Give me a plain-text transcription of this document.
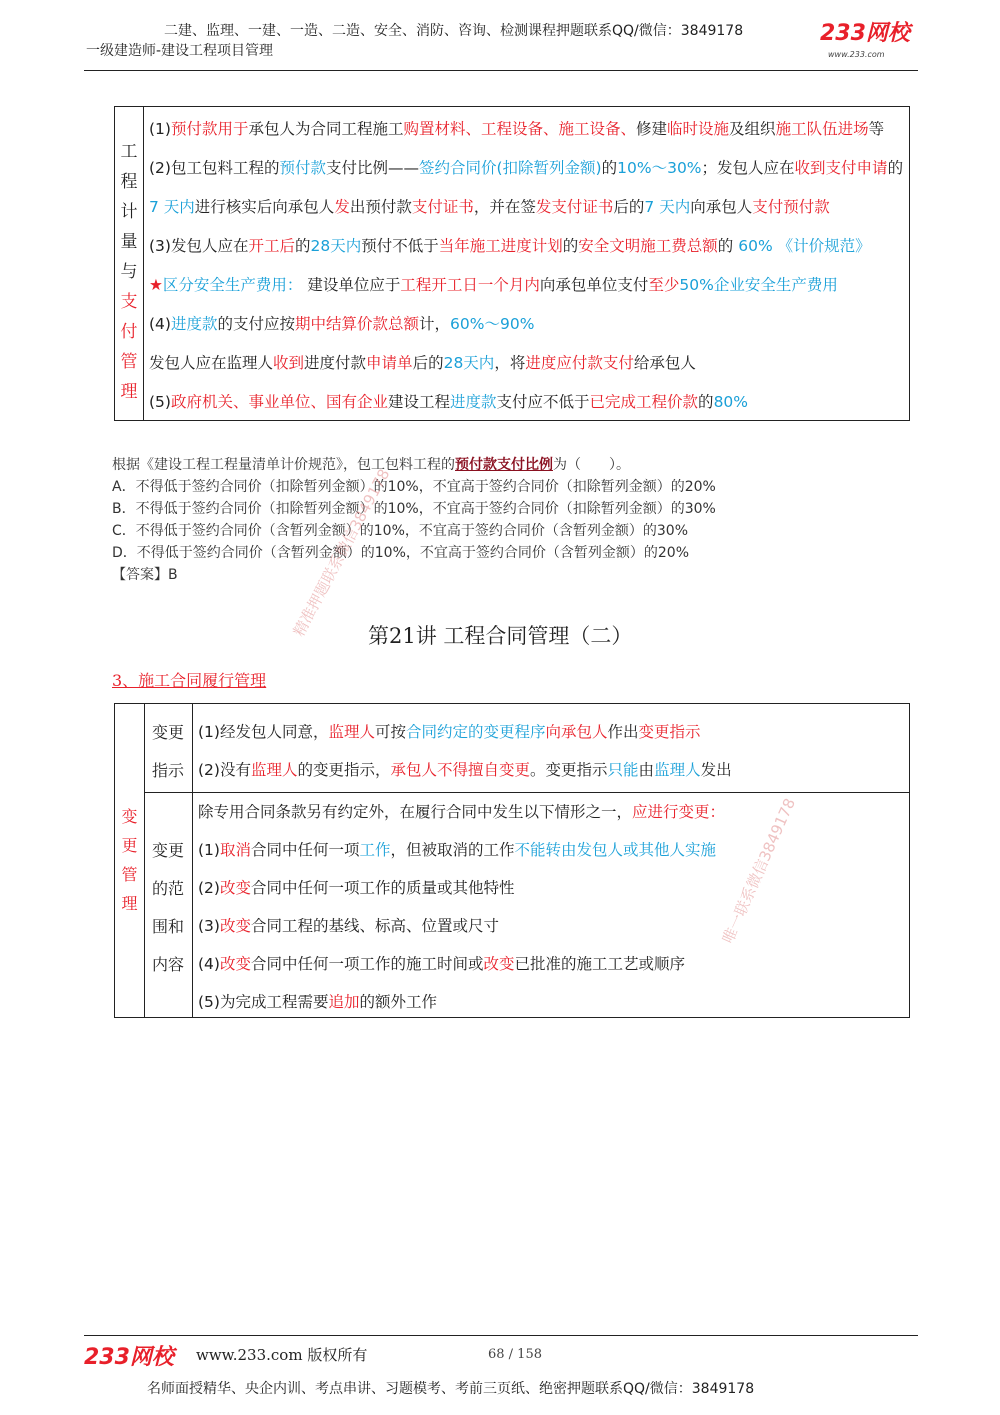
二建、监理、一建、一造、二造、安全、消防、咨询、检测课程押题联系QQ/微信：3849178
一级建造师-建设工程项目管理
233网校
www.233.com
工
程
计
量
与
支
付
管
理
(1)预付款用于承包人为合同工程施工购置材料、工程设备、施工设备、修建临时设施及组织施工队伍进场等
(2)包工包料工程的预付款支付比例——签约合同价(扣除暂列金额)的10%～30%；发包人应在收到支付申请的
7 天内进行核实后向承包人发出预付款支付证书，并在签发支付证书后的7 天内向承包人支付预付款
(3)发包人应在开工后的28天内预付不低于当年施工进度计划的安全文明施工费总额的 60% 《计价规范》
★区分安全生产费用： 建设单位应于工程开工日一个月内向承包单位支付至少50%企业安全生产费用
(4)进度款的支付应按期中结算价款总额计，60%～90%
发包人应在监理人收到进度付款申请单后的28天内，将进度应付款支付给承包人
(5)政府机关、事业单位、国有企业建设工程进度款支付应不低于已完成工程价款的80%
根据《建设工程工程量清单计价规范》，包工包料工程的预付款支付比例为（　　）。
A．不得低于签约合同价（扣除暂列金额）的10%，不宜高于签约合同价（扣除暂列金额）的20%
B．不得低于签约合同价（扣除暂列金额）的10%，不宜高于签约合同价（扣除暂列金额）的30%
C．不得低于签约合同价（含暂列金额）的10%，不宜高于签约合同价（含暂列金额）的30%
D．不得低于签约合同价（含暂列金额）的10%，不宜高于签约合同价（含暂列金额）的20%
【答案】B
第21讲 工程合同管理（二）
3、施工合同履行管理
变
更
管
理
变更
指示
变更
的范
围和
内容
(1)经发包人同意，监理人可按合同约定的变更程序向承包人作出变更指示
(2)没有监理人的变更指示，承包人不得擅自变更。变更指示只能由监理人发出
除专用合同条款另有约定外，在履行合同中发生以下情形之一，应进行变更：
(1)取消合同中任何一项工作，但被取消的工作不能转由发包人或其他人实施
(2)改变合同中任何一项工作的质量或其他特性
(3)改变合同工程的基线、标高、位置或尺寸
(4)改变合同中任何一项工作的施工时间或改变已批准的施工工艺或顺序
(5)为完成工程需要追加的额外工作
精准押题联系微信3849178
唯一联系微信3849178
233网校 www.233.com 版权所有	68 / 158
名师面授精华、央企内训、考点串讲、习题模考、考前三页纸、绝密押题联系QQ/微信：3849178
